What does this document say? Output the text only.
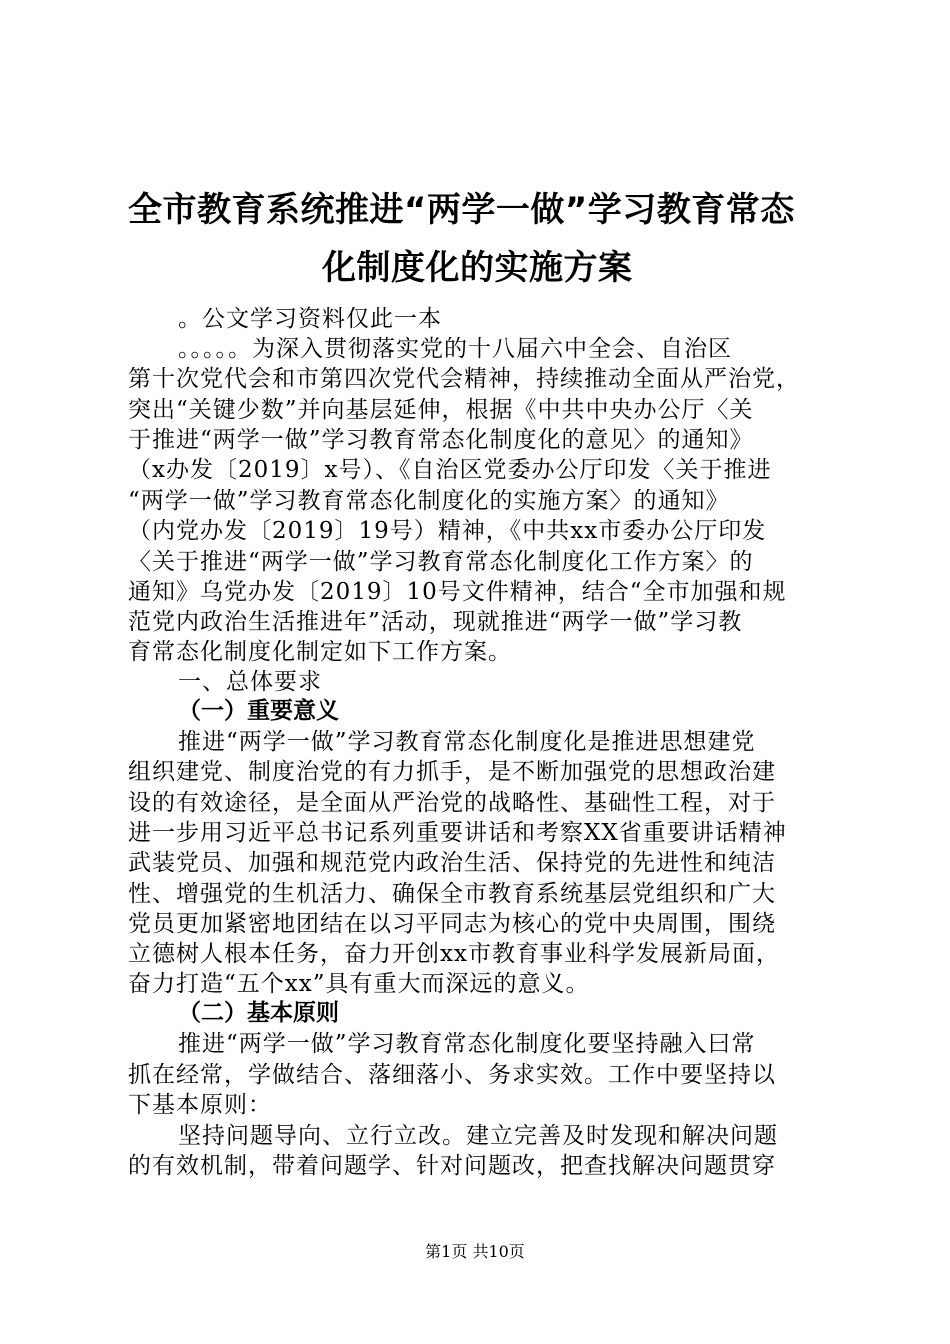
全市教育系统推进“两学一做”学习教育常态
化制度化的实施方案
。公文学习资料仅此一本
。。。。。为深入贯彻落实党的十八届六中全会、自治区
第十次党代会和市第四次党代会精神，持续推动全面从严治党，
突出“关键少数”并向基层延伸，根据《中共中央办公厅〈关
于推进“两学一做”学习教育常态化制度化的意见〉的通知》
（x办发〔2019〕x号）、《自治区党委办公厅印发〈关于推进
“两学一做”学习教育常态化制度化的实施方案〉的通知》
（内党办发〔2019〕19号）精神，《中共xx市委办公厅印发
〈关于推进“两学一做”学习教育常态化制度化工作方案〉的
通知》乌党办发〔2019〕10号文件精神，结合“全市加强和规
范党内政治生活推进年”活动，现就推进“两学一做”学习教
育常态化制度化制定如下工作方案。
一、总体要求
（一）重要意义
推进“两学一做”学习教育常态化制度化是推进思想建党
组织建党、制度治党的有力抓手，是不断加强党的思想政治建
设的有效途径，是全面从严治党的战略性、基础性工程，对于
进一步用习近平总书记系列重要讲话和考察XX省重要讲话精神
武装党员、加强和规范党内政治生活、保持党的先进性和纯洁
性、增强党的生机活力、确保全市教育系统基层党组织和广大
党员更加紧密地团结在以习平同志为核心的党中央周围，围绕
立德树人根本任务，奋力开创xx市教育事业科学发展新局面，
奋力打造“五个xx”具有重大而深远的意义。
（二）基本原则
推进“两学一做”学习教育常态化制度化要坚持融入曰常
抓在经常，学做结合、落细落小、务求实效。工作中要坚持以
下基本原则：
坚持问题导向、立行立改。建立完善及时发现和解决问题
的有效机制，带着问题学、针对问题改，把查找解决问题贯穿
第1页 共10页
